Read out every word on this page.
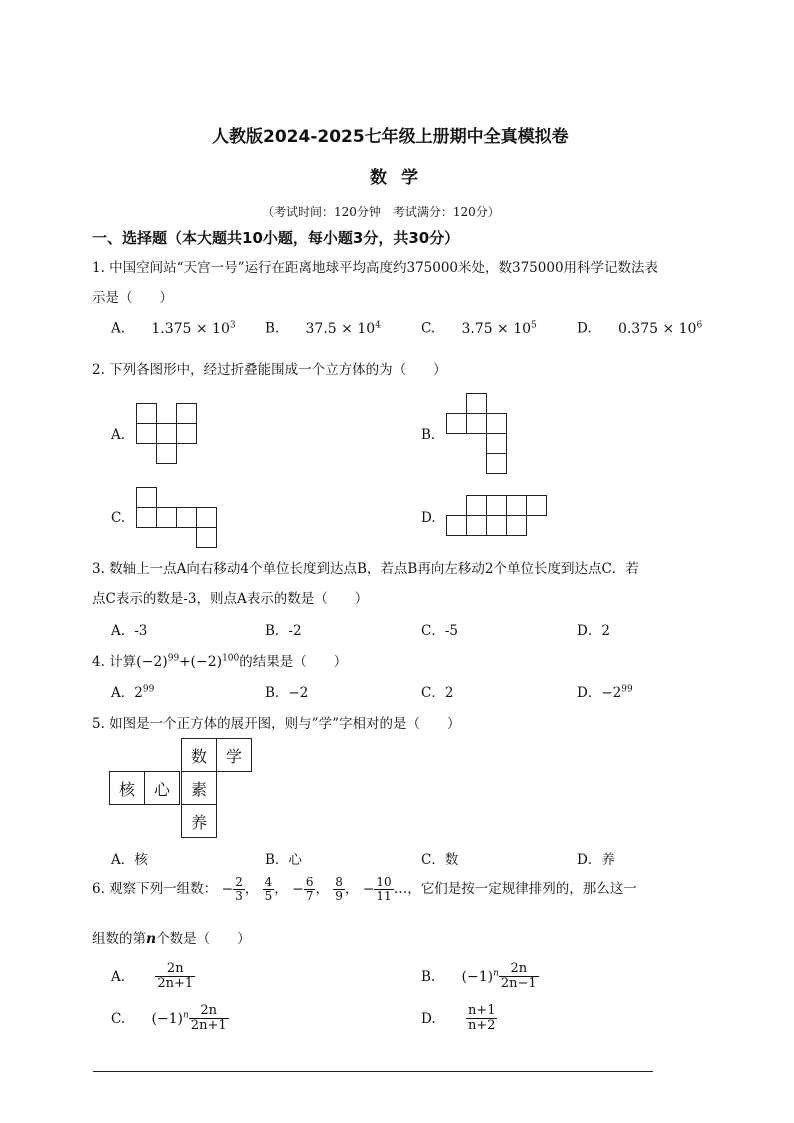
人教版2024-2025七年级上册期中全真模拟卷
数学
（考试时间：120分钟　考试满分：120分）
一、选择题（本大题共10小题，每小题3分，共30分）
1. 中国空间站“天宫一号”运行在距离地球平均高度约375000米处，数375000用科学记数法表
示是（　　）
A. $1.375 \times 10^3$ B. $37.5 \times 10^4$	C. $3.75 \times 10^5$	D. $0.375 \times 10^6$
2. 下列各图形中，经过折叠能围成一个立方体的为（　　）
A.	B.
C.	D.
3. 数轴上一点A向右移动4个单位长度到达点B，若点B再向左移动2个单位长度到达点C．若
点C表示的数是-3，则点A表示的数是（　　）
A．-3	B．-2	C．-5	D．2
4. 计算$(-2)^{99}+(-2)^{100}$的结果是（　　）
A．$2^{99}$	B．−2	C．2	D．$-2^{99}$
5. 如图是一个正方体的展开图，则与”学”字相对的是（　　）
数	学
核	心	素
养
A．核	B．心	C．数	D．养
6. 观察下列一组数： − $\frac{2}{3}$ ， $\frac{4}{5}$ ， − $\frac{6}{7}$ ， $\frac{8}{9}$ ， − $\frac{10}{11}$ …，它们是按一定规律排列的，那么这一
组数的第n个数是（　　）
A. $\frac{2n}{2n+1}$	B. $(-1)^n \frac{2n}{2n-1}$
C. $(-1)^n \frac{2n}{2n+1}$	D. $\frac{n+1}{n+2}$
